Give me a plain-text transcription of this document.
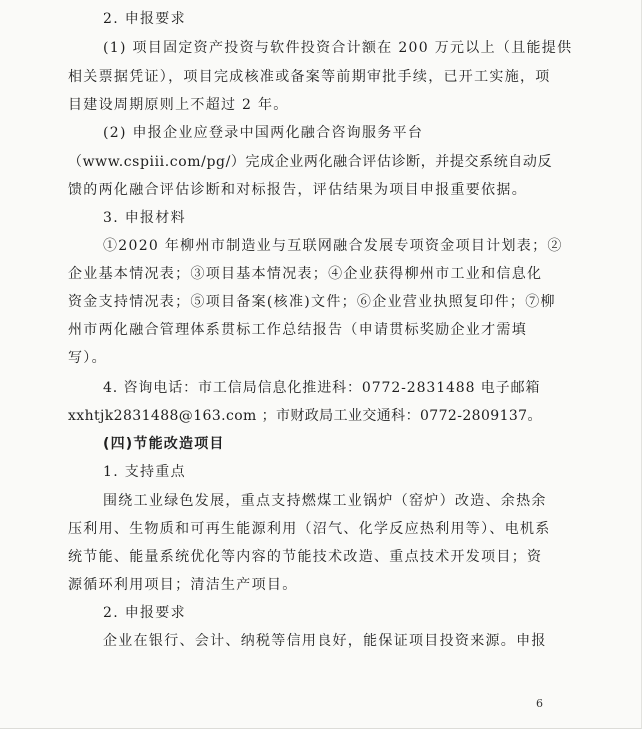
2. 申报要求
(1) 项目固定资产投资与软件投资合计额在 200 万元以上（且能提供
相关票据凭证），项目完成核准或备案等前期审批手续，已开工实施，项
目建设周期原则上不超过 2 年。
(2) 申报企业应登录中国两化融合咨询服务平台
（www.cspiii.com/pg/）完成企业两化融合评估诊断，并提交系统自动反
馈的两化融合评估诊断和对标报告，评估结果为项目申报重要依据。
3. 申报材料
①2020 年柳州市制造业与互联网融合发展专项资金项目计划表；②
企业基本情况表；③项目基本情况表；④企业获得柳州市工业和信息化
资金支持情况表；⑤项目备案(核准)文件；⑥企业营业执照复印件；⑦柳
州市两化融合管理体系贯标工作总结报告（申请贯标奖励企业才需填
写）。
4. 咨询电话：市工信局信息化推进科：0772-2831488 电子邮箱
xxhtjk2831488@163.com ；市财政局工业交通科：0772-2809137。
(四)节能改造项目
1. 支持重点
围绕工业绿色发展，重点支持燃煤工业锅炉（窑炉）改造、余热余
压利用、生物质和可再生能源利用（沼气、化学反应热利用等）、电机系
统节能、能量系统优化等内容的节能技术改造、重点技术开发项目；资
源循环利用项目；清洁生产项目。
2. 申报要求
企业在银行、会计、纳税等信用良好，能保证项目投资来源。申报
6
